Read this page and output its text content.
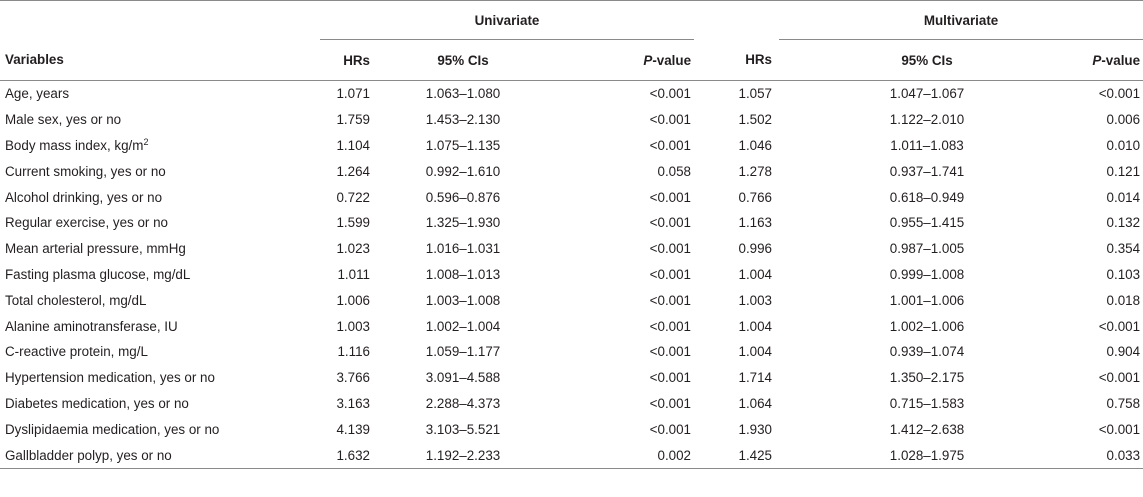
	Univariate				Multivariate		
Variables	HRs	95% CIs	P-value	HRs		95% CIs	P-value
Age, years	1.071	1.063–1.080	<0.001	1.057		1.047–1.067	<0.001
Male sex, yes or no	1.759	1.453–2.130	<0.001	1.502		1.122–2.010	0.006
Body mass index, $kg/m^2$	1.104	1.075–1.135	<0.001	1.046		1.011–1.083	0.010
Current smoking, yes or no	1.264	0.992–1.610	0.058	1.278		0.937–1.741	0.121
Alcohol drinking, yes or no	0.722	0.596–0.876	<0.001	0.766		0.618–0.949	0.014
Regular exercise, yes or no	1.599	1.325–1.930	<0.001	1.163		0.955–1.415	0.132
Mean arterial pressure, mmHg	1.023	1.016–1.031	<0.001	0.996		0.987–1.005	0.354
Fasting plasma glucose, mg/dL	1.011	1.008–1.013	<0.001	1.004		0.999–1.008	0.103
Total cholesterol, mg/dL	1.006	1.003–1.008	<0.001	1.003		1.001–1.006	0.018
Alanine aminotransferase, IU	1.003	1.002–1.004	<0.001	1.004		1.002–1.006	<0.001
C-reactive protein, mg/L	1.116	1.059–1.177	<0.001	1.004		0.939–1.074	0.904
Hypertension medication, yes or no	3.766	3.091–4.588	<0.001	1.714		1.350–2.175	<0.001
Diabetes medication, yes or no	3.163	2.288–4.373	<0.001	1.064		0.715–1.583	0.758
Dyslipidaemia medication, yes or no	4.139	3.103–5.521	<0.001	1.930		1.412–2.638	<0.001
Gallbladder polyp, yes or no	1.632	1.192–2.233	0.002	1.425		1.028–1.975	0.033
